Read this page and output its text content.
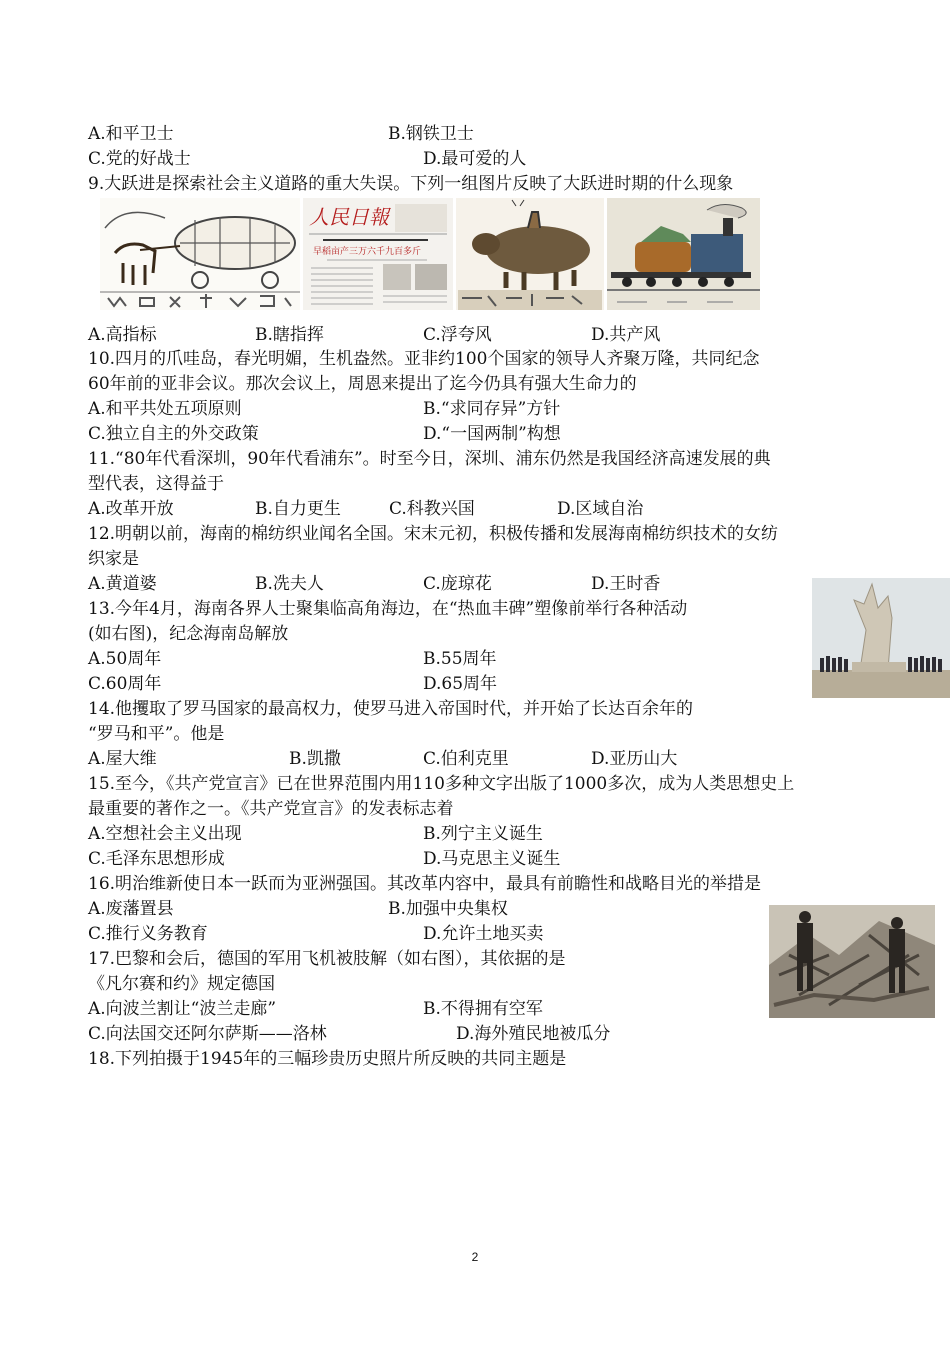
A.和平卫士	B.钢铁卫士
C.党的好战士	D.最可爱的人
9.大跃进是探索社会主义道路的重大失误。下列一组图片反映了大跃进时期的什么现象
人民日報
早稻亩产三万六千九百多斤
A.高指标	B.瞎指挥	C.浮夸风	D.共产风
10.四月的爪哇岛，春光明媚，生机盎然。亚非约100个国家的领导人齐聚万隆，共同纪念
60年前的亚非会议。那次会议上，周恩来提出了迄今仍具有强大生命力的
A.和平共处五项原则	B.“求同存异”方针
C.独立自主的外交政策	D.“一国两制”构想
11.“80年代看深圳，90年代看浦东”。时至今日，深圳、浦东仍然是我国经济高速发展的典
型代表，这得益于
A.改革开放	B.自力更生	C.科教兴国	D.区域自治
12.明朝以前，海南的棉纺织业闻名全国。宋末元初，积极传播和发展海南棉纺织技术的女纺
织家是
A.黄道婆	B.冼夫人	C.庞琼花	D.王时香
13.今年4月，海南各界人士聚集临高角海边，在“热血丰碑”塑像前举行各种活动
(如右图)，纪念海南岛解放
A.50周年	B.55周年
C.60周年	D.65周年
14.他攫取了罗马国家的最高权力，使罗马进入帝国时代，并开始了长达百余年的
“罗马和平”。他是
A.屋大维	B.凯撒	C.伯利克里	D.亚历山大
15.至今，《共产党宣言》已在世界范围内用110多种文字出版了1000多次，成为人类思想史上
最重要的著作之一。《共产党宣言》的发表标志着
A.空想社会主义出现	B.列宁主义诞生
C.毛泽东思想形成	D.马克思主义诞生
16.明治维新使日本一跃而为亚洲强国。其改革内容中，最具有前瞻性和战略目光的举措是
A.废藩置县	B.加强中央集权
C.推行义务教育	D.允许土地买卖
17.巴黎和会后，德国的军用飞机被肢解（如右图），其依据的是
《凡尔赛和约》规定德国
A.向波兰割让“波兰走廊”	B.不得拥有空军
C.向法国交还阿尔萨斯——洛林	D.海外殖民地被瓜分
18.下列拍摄于1945年的三幅珍贵历史照片所反映的共同主题是
2
